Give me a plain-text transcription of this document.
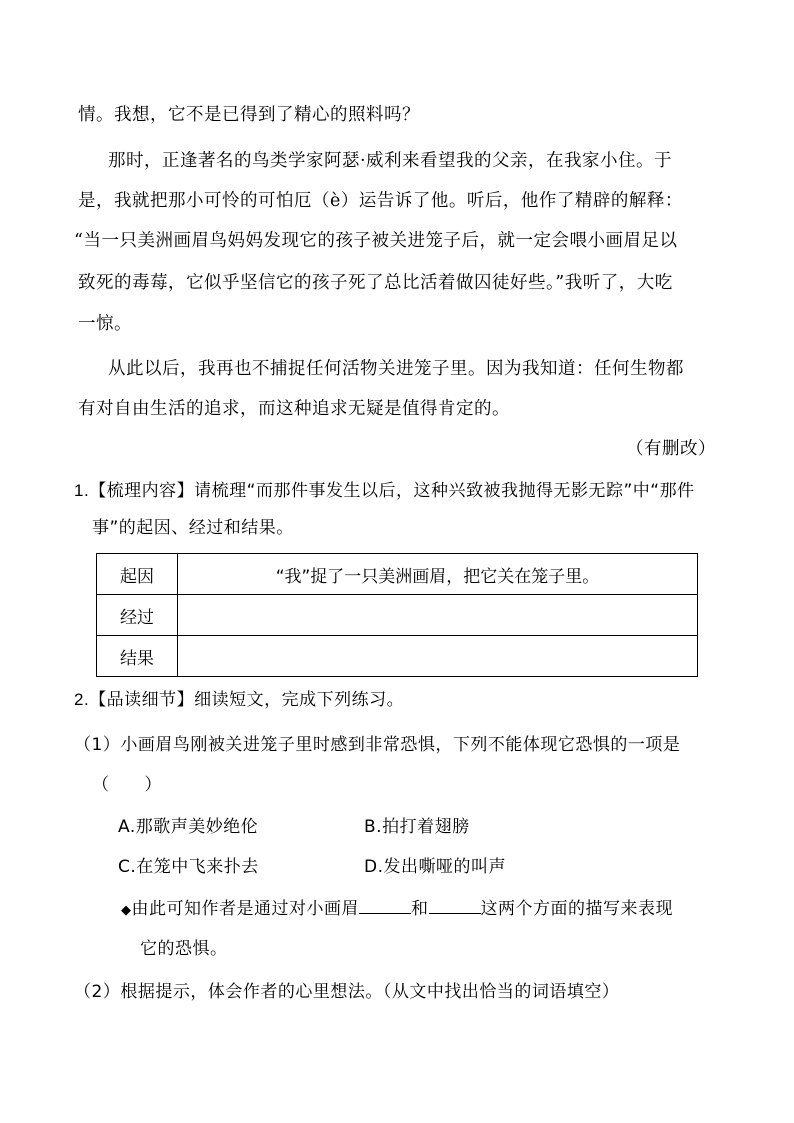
情。我想，它不是已得到了精心的照料吗？
那时，正逢著名的鸟类学家阿瑟·威利来看望我的父亲，在我家小住。于
是，我就把那小可怜的可怕厄（è）运告诉了他。听后，他作了精辟的解释：
“当一只美洲画眉鸟妈妈发现它的孩子被关进笼子后，就一定会喂小画眉足以
致死的毒莓，它似乎坚信它的孩子死了总比活着做囚徒好些。”我听了，大吃
一惊。
从此以后，我再也不捕捉任何活物关进笼子里。因为我知道：任何生物都
有对自由生活的追求，而这种追求无疑是值得肯定的。
（有删改）
1.【梳理内容】请梳理“而那件事发生以后，这种兴致被我抛得无影无踪”中“那件
事”的起因、经过和结果。
起因	“我”捉了一只美洲画眉，把它关在笼子里。
经过	
结果	
2.【品读细节】细读短文，完成下列练习。
（1）小画眉鸟刚被关进笼子里时感到非常恐惧，下列不能体现它恐惧的一项是
（　　）
A.那歌声美妙绝伦	B.拍打着翅膀
C.在笼中飞来扑去	D.发出嘶哑的叫声
◆由此可知作者是通过对小画眉	和	这两个方面的描写来表现
它的恐惧。
（2）根据提示，体会作者的心里想法。（从文中找出恰当的词语填空）
